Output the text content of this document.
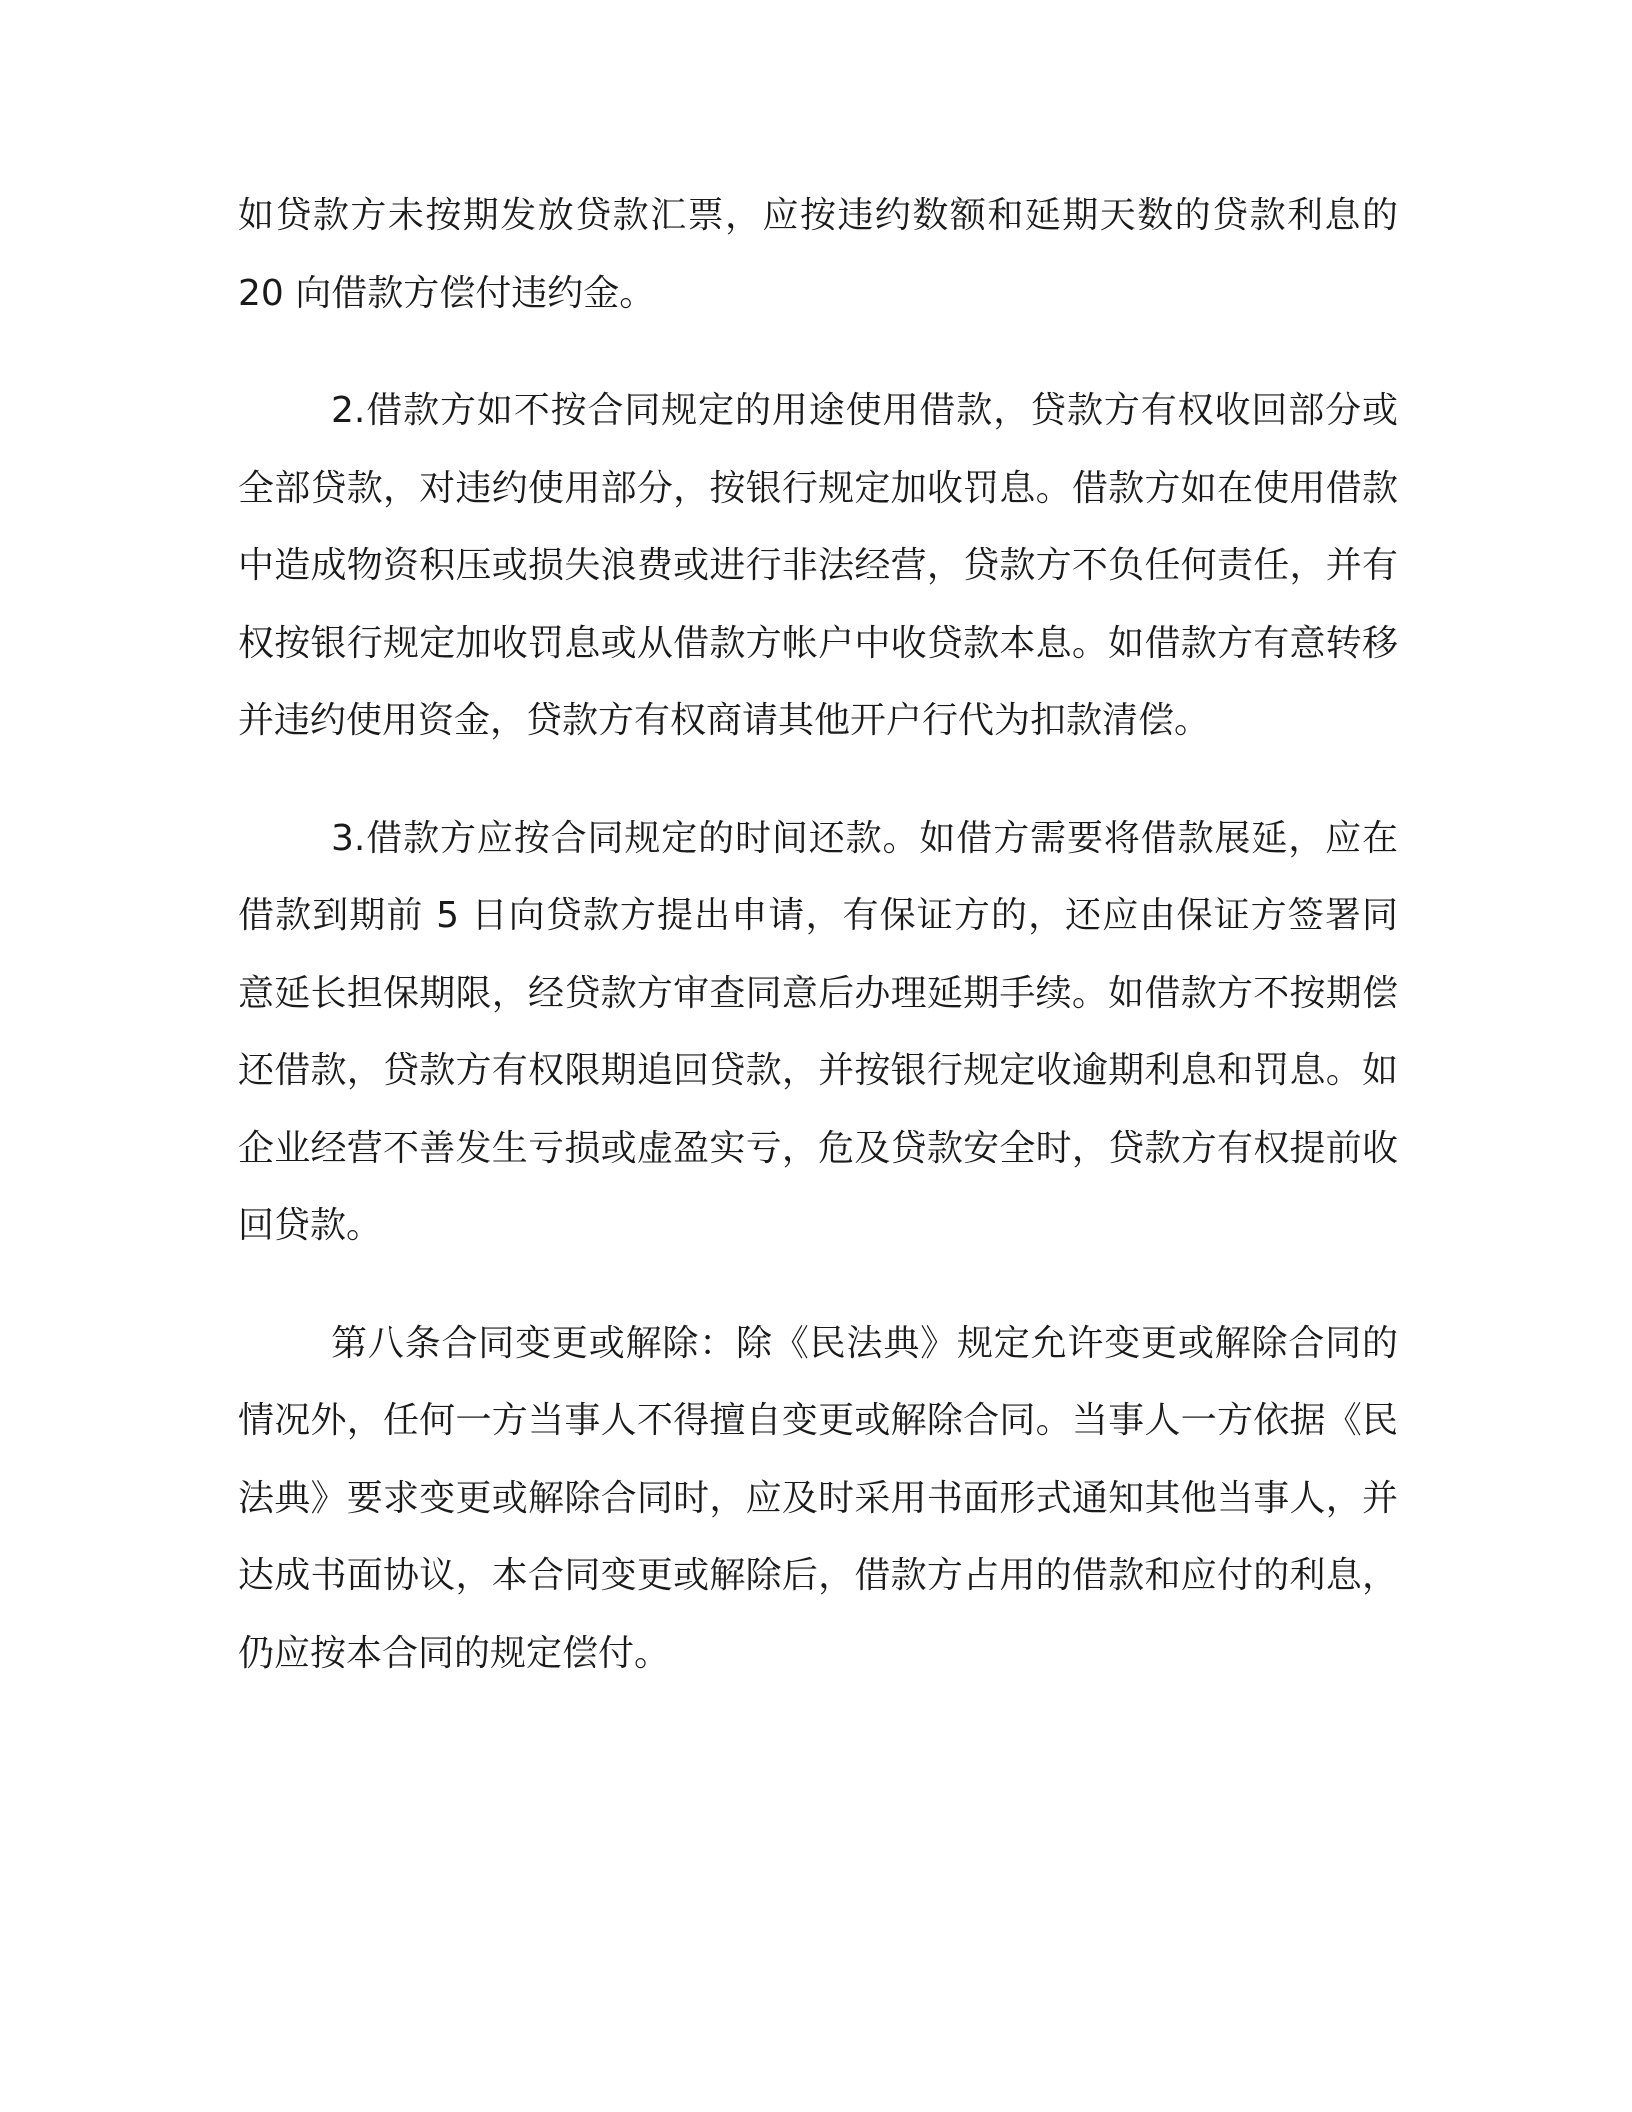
如贷款方未按期发放贷款汇票，应按违约数额和延期天数的贷款利息的 20 向借款方偿付违约金。

2.借款方如不按合同规定的用途使用借款，贷款方有权收回部分或全部贷款，对违约使用部分，按银行规定加收罚息。借款方如在使用借款中造成物资积压或损失浪费或进行非法经营，贷款方不负任何责任，并有权按银行规定加收罚息或从借款方帐户中收贷款本息。如借款方有意转移并违约使用资金，贷款方有权商请其他开户行代为扣款清偿。

3.借款方应按合同规定的时间还款。如借方需要将借款展延，应在借款到期前 5 日向贷款方提出申请，有保证方的，还应由保证方签署同意延长担保期限，经贷款方审查同意后办理延期手续。如借款方不按期偿还借款，贷款方有权限期追回贷款，并按银行规定收逾期利息和罚息。如企业经营不善发生亏损或虚盈实亏，危及贷款安全时，贷款方有权提前收回贷款。

第八条合同变更或解除：除《民法典》规定允许变更或解除合同的情况外，任何一方当事人不得擅自变更或解除合同。当事人一方依据《民法典》要求变更或解除合同时，应及时采用书面形式通知其他当事人，并达成书面协议，本合同变更或解除后，借款方占用的借款和应付的利息，仍应按本合同的规定偿付。
